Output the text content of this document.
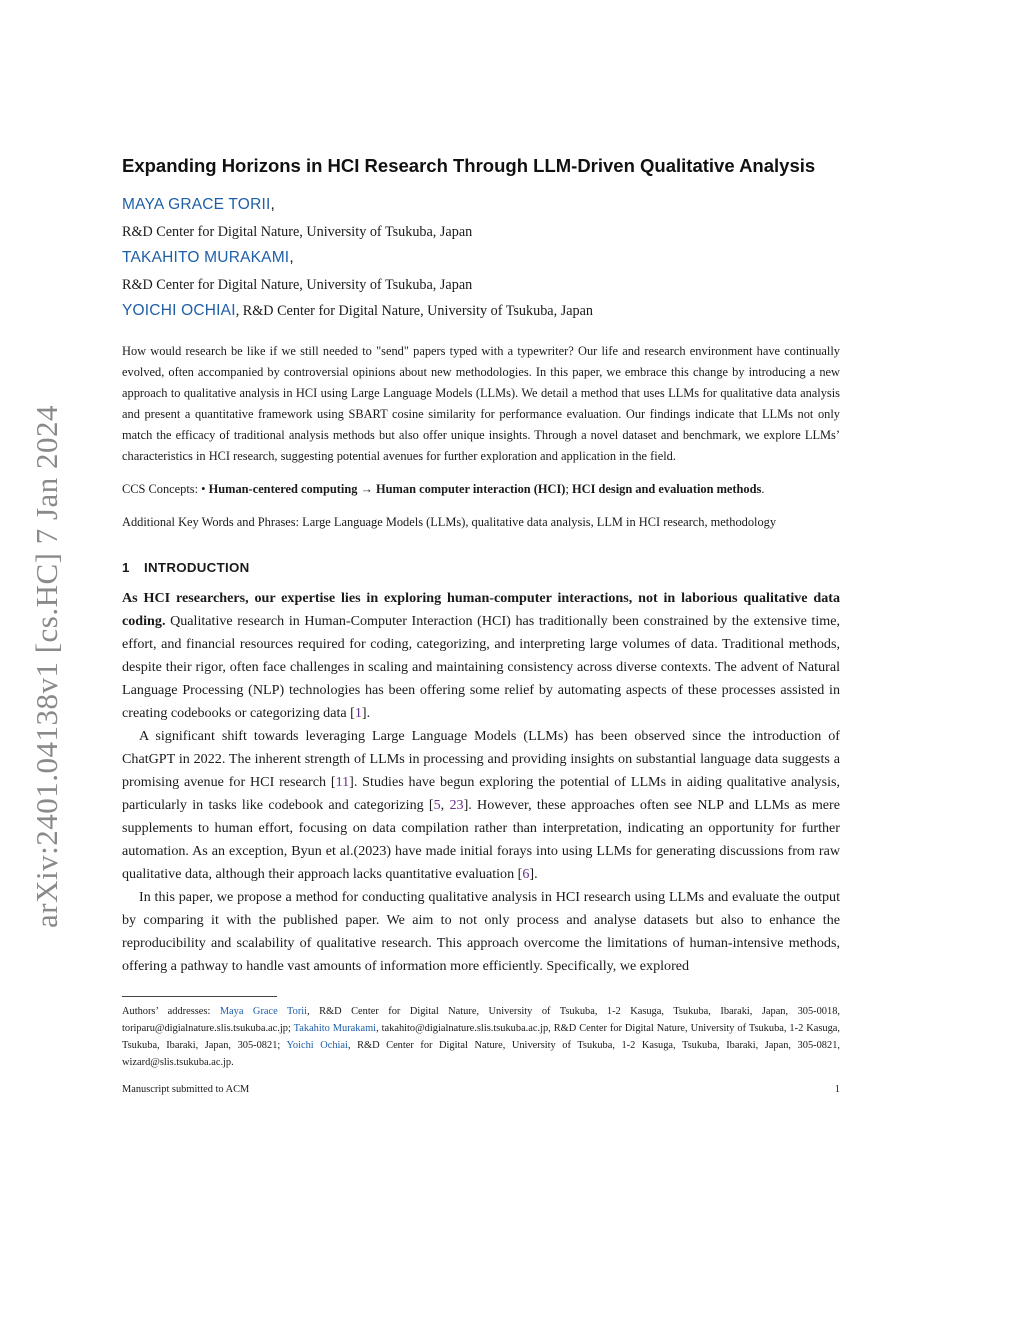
arXiv:2401.04138v1 [cs.HC] 7 Jan 2024
Expanding Horizons in HCI Research Through LLM-Driven Qualitative Analysis
MAYA GRACE TORII,
R&D Center for Digital Nature, University of Tsukuba, Japan
TAKAHITO MURAKAMI,
R&D Center for Digital Nature, University of Tsukuba, Japan
YOICHI OCHIAI, R&D Center for Digital Nature, University of Tsukuba, Japan

How would research be like if we still needed to "send" papers typed with a typewriter? Our life and research environment have continually evolved, often accompanied by controversial opinions about new methodologies. In this paper, we embrace this change by introducing a new approach to qualitative analysis in HCI using Large Language Models (LLMs). We detail a method that uses LLMs for qualitative data analysis and present a quantitative framework using SBART cosine similarity for performance evaluation. Our findings indicate that LLMs not only match the efficacy of traditional analysis methods but also offer unique insights. Through a novel dataset and benchmark, we explore LLMs’ characteristics in HCI research, suggesting potential avenues for further exploration and application in the field.

CCS Concepts: • Human-centered computing → Human computer interaction (HCI); HCI design and evaluation methods.
Additional Key Words and Phrases: Large Language Models (LLMs), qualitative data analysis, LLM in HCI research, methodology
1 INTRODUCTION

As HCI researchers, our expertise lies in exploring human-computer interactions, not in laborious qualitative data coding. Qualitative research in Human-Computer Interaction (HCI) has traditionally been constrained by the extensive time, effort, and financial resources required for coding, categorizing, and interpreting large volumes of data. Traditional methods, despite their rigor, often face challenges in scaling and maintaining consistency across diverse contexts. The advent of Natural Language Processing (NLP) technologies has been offering some relief by automating aspects of these processes assisted in creating codebooks or categorizing data [1].

A significant shift towards leveraging Large Language Models (LLMs) has been observed since the introduction of ChatGPT in 2022. The inherent strength of LLMs in processing and providing insights on substantial language data suggests a promising avenue for HCI research [11]. Studies have begun exploring the potential of LLMs in aiding qualitative analysis, particularly in tasks like codebook and categorizing [5, 23]. However, these approaches often see NLP and LLMs as mere supplements to human effort, focusing on data compilation rather than interpretation, indicating an opportunity for further automation. As an exception, Byun et al.(2023) have made initial forays into using LLMs for generating discussions from raw qualitative data, although their approach lacks quantitative evaluation [6].

In this paper, we propose a method for conducting qualitative analysis in HCI research using LLMs and evaluate the output by comparing it with the published paper. We aim to not only process and analyse datasets but also to enhance the reproducibility and scalability of qualitative research. This approach overcome the limitations of human-intensive methods, offering a pathway to handle vast amounts of information more efficiently. Specifically, we explored

Authors’ addresses: Maya Grace Torii, R&D Center for Digital Nature, University of Tsukuba, 1-2 Kasuga, Tsukuba, Ibaraki, Japan, 305-0018, toriparu@digialnature.slis.tsukuba.ac.jp; Takahito Murakami, takahito@digialnature.slis.tsukuba.ac.jp, R&D Center for Digital Nature, University of Tsukuba, 1-2 Kasuga, Tsukuba, Ibaraki, Japan, 305-0821; Yoichi Ochiai, R&D Center for Digital Nature, University of Tsukuba, 1-2 Kasuga, Tsukuba, Ibaraki, Japan, 305-0821, wizard@slis.tsukuba.ac.jp.

Manuscript submitted to ACM	1
